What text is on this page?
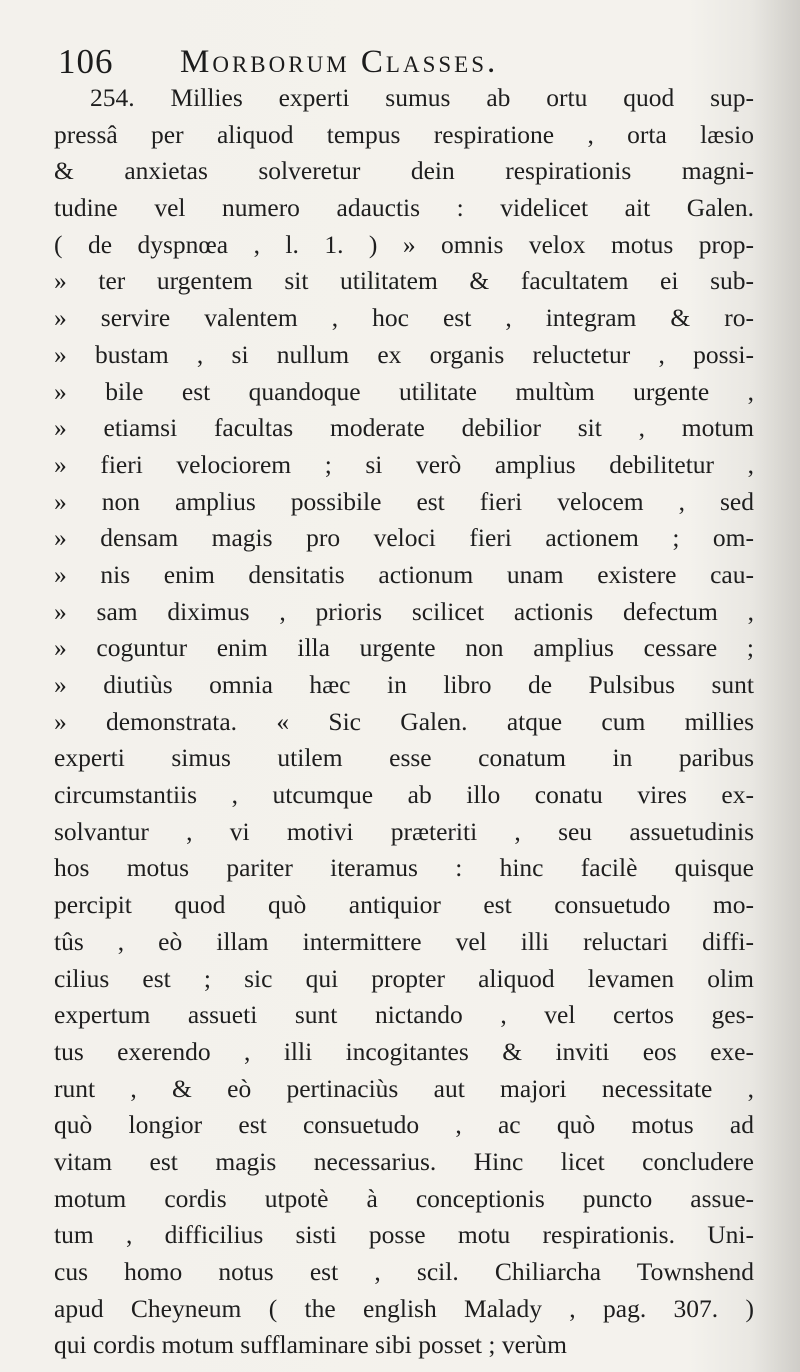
106 Morborum Classes.
254. Millies experti sumus ab ortu quod sup-
pressâ per aliquod tempus respiratione , orta læsio
& anxietas solveretur dein respirationis magni-
tudine vel numero adauctis : videlicet ait Galen.
( de dyspnœa , l. 1. ) » omnis velox motus prop-
» ter urgentem sit utilitatem & facultatem ei sub-
» servire valentem , hoc est , integram & ro-
» bustam , si nullum ex organis reluctetur , possi-
» bile est quandoque utilitate multùm urgente ,
» etiamsi facultas moderate debilior sit , motum
» fieri velociorem ; si verò amplius debilitetur ,
» non amplius possibile est fieri velocem , sed
» densam magis pro veloci fieri actionem ; om-
» nis enim densitatis actionum unam existere cau-
» sam diximus , prioris scilicet actionis defectum ,
» coguntur enim illa urgente non amplius cessare ;
» diutiùs omnia hæc in libro de Pulsibus sunt
» demonstrata. « Sic Galen. atque cum millies
experti simus utilem esse conatum in paribus
circumstantiis , utcumque ab illo conatu vires ex-
solvantur , vi motivi præteriti , seu assuetudinis
hos motus pariter iteramus : hinc facilè quisque
percipit quod quò antiquior est consuetudo mo-
tûs , eò illam intermittere vel illi reluctari diffi-
cilius est ; sic qui propter aliquod levamen olim
expertum assueti sunt nictando , vel certos ges-
tus exerendo , illi incogitantes & inviti eos exe-
runt , & eò pertinaciùs aut majori necessitate ,
quò longior est consuetudo , ac quò motus ad
vitam est magis necessarius. Hinc licet concludere
motum cordis utpotè à conceptionis puncto assue-
tum , difficilius sisti posse motu respirationis. Uni-
cus homo notus est , scil. Chiliarcha Townshend
apud Cheyneum ( the english Malady , pag. 307. )
qui cordis motum sufflaminare sibi posset ; verùm
